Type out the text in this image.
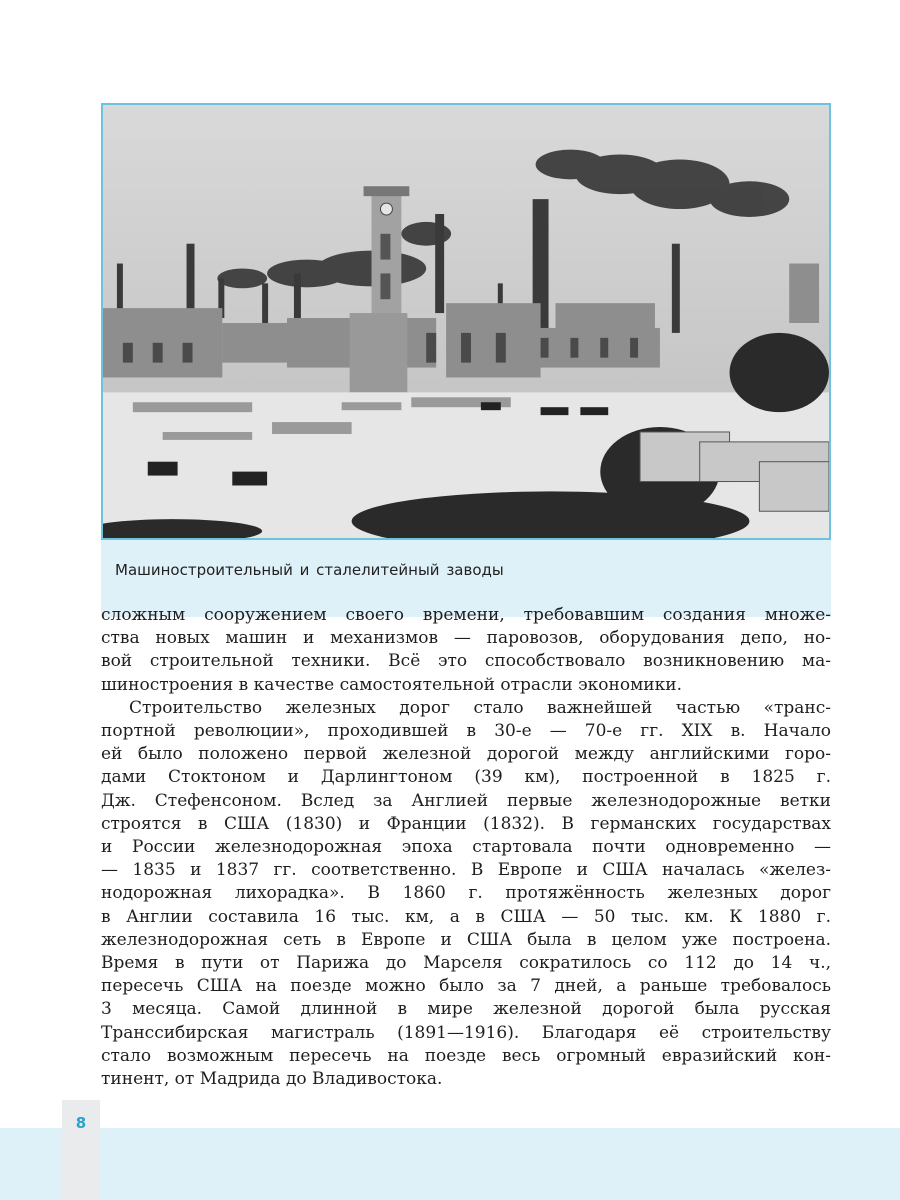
Машиностроительный и сталелитейный заводы
сложным сооружением своего времени, требовавшим создания множе-
ства новых машин и механизмов — паровозов, оборудования депо, но-
вой строительной техники. Всё это способствовало возникновению ма-
шиностроения в качестве самостоятельной отрасли экономики.
Строительство железных дорог стало важнейшей частью «транс-
портной революции», проходившей в 30-е — 70-е гг. XIX в. Начало
ей было положено первой железной дорогой между английскими горо-
дами Стоктоном и Дарлингтоном (39 км), построенной в 1825 г.
Дж. Стефенсоном. Вслед за Англией первые железнодорожные ветки
строятся в США (1830) и Франции (1832). В германских государствах
и России железнодорожная эпоха стартовала почти одновременно —
— 1835 и 1837 гг. соответственно. В Европе и США началась «желез-
нодорожная лихорадка». В 1860 г. протяжённость железных дорог
в Англии составила 16 тыс. км, а в США — 50 тыс. км. К 1880 г.
железнодорожная сеть в Европе и США была в целом уже построена.
Время в пути от Парижа до Марселя сократилось со 112 до 14 ч.,
пересечь США на поезде можно было за 7 дней, а раньше требовалось
3 месяца. Самой длинной в мире железной дорогой была русская
Транссибирская магистраль (1891—1916). Благодаря её строительству
стало возможным пересечь на поезде весь огромный евразийский кон-
тинент, от Мадрида до Владивостока.
8
